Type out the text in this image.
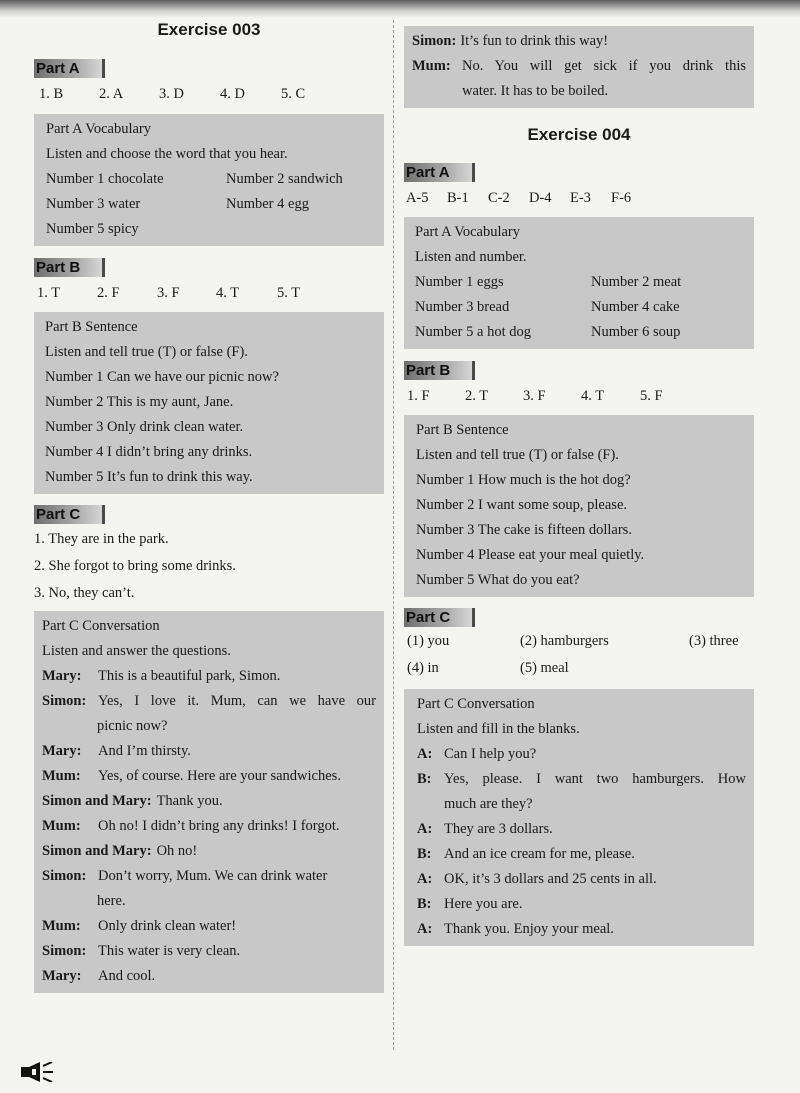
Exercise 003
Part A
1. B	2. A	3. D	4. D	5. C
Part A Vocabulary
Listen and choose the word that you hear.
Number 1 chocolate	Number 2 sandwich
Number 3 water	Number 4 egg
Number 5 spicy
Part B
1. T	2. F	3. F	4. T	5. T
Part B Sentence
Listen and tell true (T) or false (F).
Number 1 Can we have our picnic now?
Number 2 This is my aunt, Jane.
Number 3 Only drink clean water.
Number 4 I didn’t bring any drinks.
Number 5 It’s fun to drink this way.
Part C
1. They are in the park.
2. She forgot to bring some drinks.
3. No, they can’t.
Part C Conversation
Listen and answer the questions.
Mary:	This is a beautiful park, Simon.
Simon: Yes, I love it. Mum, can we have our
picnic now?
Mary:	And I’m thirsty.
Mum:	Yes, of course. Here are your sandwiches.
Simon and Mary: Thank you.
Mum:	Oh no! I didn’t bring any drinks! I forgot.
Simon and Mary: Oh no!
Simon: Don’t worry, Mum. We can drink water
here.
Mum:	Only drink clean water!
Simon: This water is very clean.
Mary:	And cool.
Simon: It’s fun to drink this way!
Mum: No. You will get sick if you drink this
water. It has to be boiled.
Exercise 004
Part A
A-5	B-1	C-2	D-4	E-3	F-6
Part A Vocabulary
Listen and number.
Number 1 eggs	Number 2 meat
Number 3 bread	Number 4 cake
Number 5 a hot dog	Number 6 soup
Part B
1. F	2. T	3. F	4. T	5. F
Part B Sentence
Listen and tell true (T) or false (F).
Number 1 How much is the hot dog?
Number 2 I want some soup, please.
Number 3 The cake is fifteen dollars.
Number 4 Please eat your meal quietly.
Number 5 What do you eat?
Part C
(1) you	(2) hamburgers	(3) three
(4) in	(5) meal
Part C Conversation
Listen and fill in the blanks.
A: Can I help you?
B: Yes, please. I want two hamburgers. How
much are they?
A: They are 3 dollars.
B: And an ice cream for me, please.
A: OK, it’s 3 dollars and 25 cents in all.
B: Here you are.
A: Thank you. Enjoy your meal.
